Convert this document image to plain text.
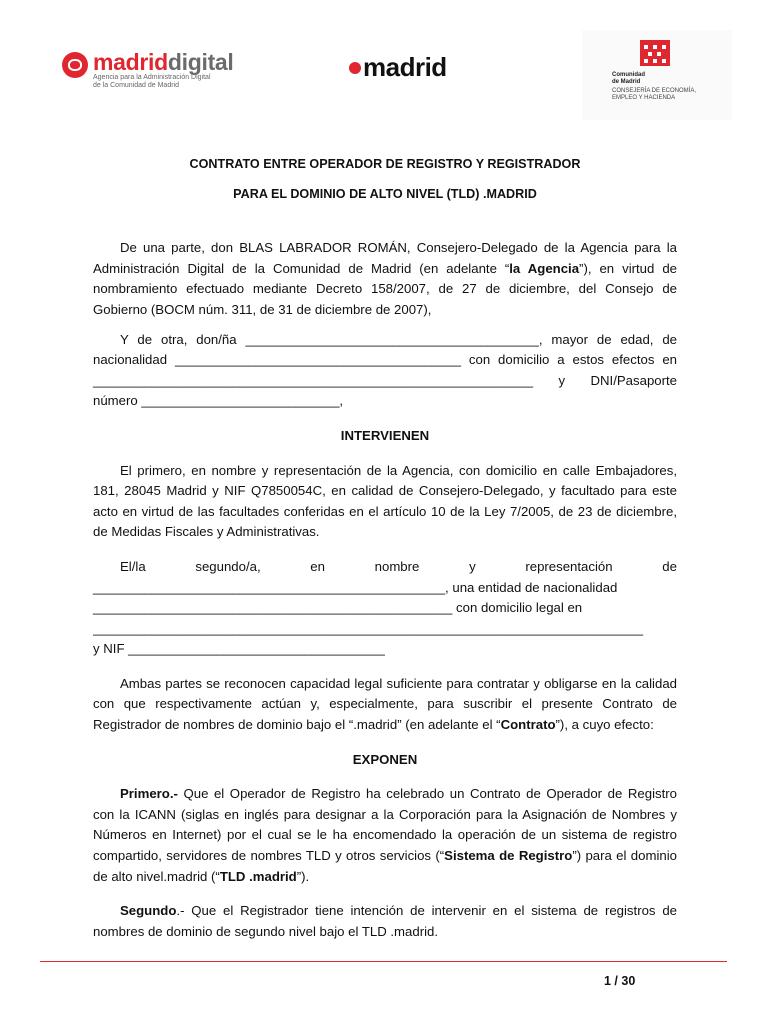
madriddigital
Agencia para la Administración Digital
de la Comunidad de Madrid
madrid	Comunidad
de Madrid
CONSEJERÍA DE ECONOMÍA,
EMPLEO Y HACIENDA
CONTRATO ENTRE OPERADOR DE REGISTRO Y REGISTRADOR
PARA EL DOMINIO DE ALTO NIVEL (TLD) .MADRID

De una parte, don BLAS LABRADOR ROMÁN, Consejero-Delegado de la Agencia para la Administración Digital de la Comunidad de Madrid (en adelante “la Agencia”), en virtud de nombramiento efectuado mediante Decreto 158/2007, de 27 de diciembre, del Consejo de Gobierno (BOCM núm. 311, de 31 de diciembre de 2007),

Y de otra, don/ña ________________________________________, mayor de edad, de nacionalidad _______________________________________ con domicilio a estos efectos en ____________________________________________________________ y DNI/Pasaporte número ___________________________,

INTERVIENEN

El primero, en nombre y representación de la Agencia, con domicilio en calle Embajadores, 181, 28045 Madrid y NIF Q7850054C, en calidad de Consejero-Delegado, y facultado para este acto en virtud de las facultades conferidas en el artículo 10 de la Ley 7/2005, de 23 de diciembre, de Medidas Fiscales y Administrativas.

El/la	segundo/a,	en	nombre	y	representación	de
________________________________________________, una entidad de nacionalidad
_________________________________________________ con domicilio legal en
___________________________________________________________________________
y NIF ___________________________________

Ambas partes se reconocen capacidad legal suficiente para contratar y obligarse en la calidad con que respectivamente actúan y, especialmente, para suscribir el presente Contrato de Registrador de nombres de dominio bajo el “.madrid” (en adelante el “Contrato”), a cuyo efecto:

EXPONEN

Primero.- Que el Operador de Registro ha celebrado un Contrato de Operador de Registro con la ICANN (siglas en inglés para designar a la Corporación para la Asignación de Nombres y Números en Internet) por el cual se le ha encomendado la operación de un sistema de registro compartido, servidores de nombres TLD y otros servicios (“Sistema de Registro”) para el dominio de alto nivel.madrid (“TLD .madrid”).

Segundo.- Que el Registrador tiene intención de intervenir en el sistema de registros de nombres de dominio de segundo nivel bajo el TLD .madrid.

1 / 30
